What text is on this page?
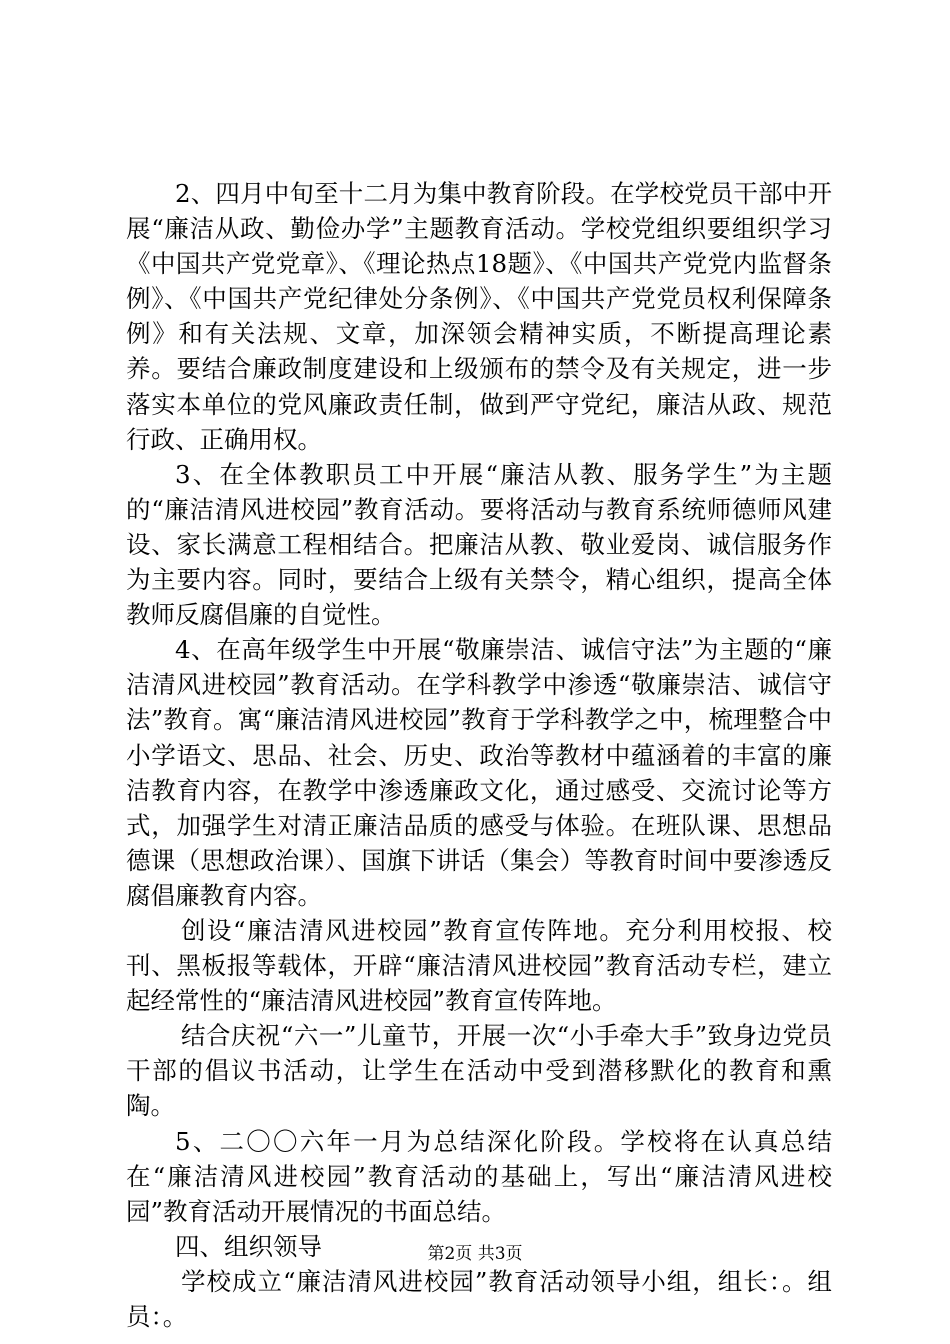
2、四月中旬至十二月为集中教育阶段。在学校党员干部中开展“廉洁从政、勤俭办学”主题教育活动。学校党组织要组织学习《中国共产党党章》、《理论热点18题》、《中国共产党党内监督条例》、《中国共产党纪律处分条例》、《中国共产党党员权利保障条例》和有关法规、文章，加深领会精神实质，不断提高理论素养。要结合廉政制度建设和上级颁布的禁令及有关规定，进一步落实本单位的党风廉政责任制，做到严守党纪，廉洁从政、规范行政、正确用权。

3、在全体教职员工中开展“廉洁从教、服务学生”为主题的“廉洁清风进校园”教育活动。要将活动与教育系统师德师风建设、家长满意工程相结合。把廉洁从教、敬业爱岗、诚信服务作为主要内容。同时，要结合上级有关禁令，精心组织，提高全体教师反腐倡廉的自觉性。

4、在高年级学生中开展“敬廉崇洁、诚信守法”为主题的“廉洁清风进校园”教育活动。在学科教学中渗透“敬廉崇洁、诚信守法”教育。寓“廉洁清风进校园”教育于学科教学之中，梳理整合中小学语文、思品、社会、历史、政治等教材中蕴涵着的丰富的廉洁教育内容，在教学中渗透廉政文化，通过感受、交流讨论等方式，加强学生对清正廉洁品质的感受与体验。在班队课、思想品德课（思想政治课）、国旗下讲话（集会）等教育时间中要渗透反腐倡廉教育内容。

创设“廉洁清风进校园”教育宣传阵地。充分利用校报、校刊、黑板报等载体，开辟“廉洁清风进校园”教育活动专栏，建立起经常性的“廉洁清风进校园”教育宣传阵地。

结合庆祝“六一”儿童节，开展一次“小手牵大手”致身边党员干部的倡议书活动，让学生在活动中受到潜移默化的教育和熏陶。

5、二〇〇六年一月为总结深化阶段。学校将在认真总结在“廉洁清风进校园”教育活动的基础上，写出“廉洁清风进校园”教育活动开展情况的书面总结。

四、组织领导

学校成立“廉洁清风进校园”教育活动领导小组，组长：。组员：。

第2页 共3页
